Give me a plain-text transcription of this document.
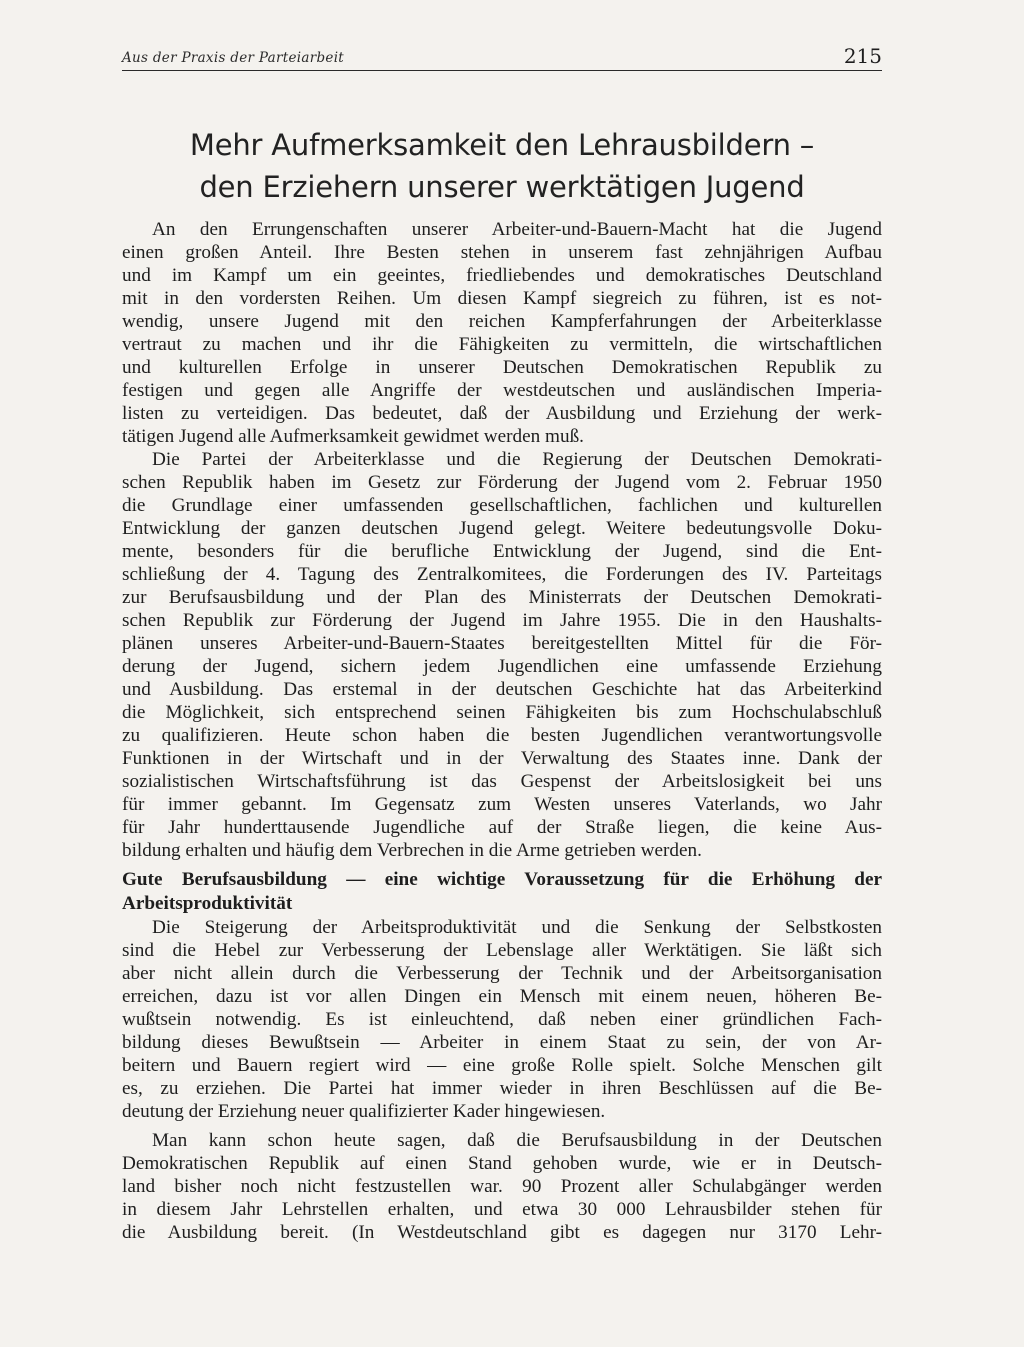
Aus der Praxis der Parteiarbeit	215
Mehr Aufmerksamkeit den Lehrausbildern –
den Erziehern unserer werktätigen Jugend
An den Errungenschaften unserer Arbeiter-und-Bauern-Macht hat die Jugend
einen großen Anteil. Ihre Besten stehen in unserem fast zehnjährigen Aufbau
und im Kampf um ein geeintes, friedliebendes und demokratisches Deutschland
mit in den vordersten Reihen. Um diesen Kampf siegreich zu führen, ist es not-
wendig, unsere Jugend mit den reichen Kampferfahrungen der Arbeiterklasse
vertraut zu machen und ihr die Fähigkeiten zu vermitteln, die wirtschaftlichen
und kulturellen Erfolge in unserer Deutschen Demokratischen Republik zu
festigen und gegen alle Angriffe der westdeutschen und ausländischen Imperia-
listen zu verteidigen. Das bedeutet, daß der Ausbildung und Erziehung der werk-
tätigen Jugend alle Aufmerksamkeit gewidmet werden muß.
Die Partei der Arbeiterklasse und die Regierung der Deutschen Demokrati-
schen Republik haben im Gesetz zur Förderung der Jugend vom 2. Februar 1950
die Grundlage einer umfassenden gesellschaftlichen, fachlichen und kulturellen
Entwicklung der ganzen deutschen Jugend gelegt. Weitere bedeutungsvolle Doku-
mente, besonders für die berufliche Entwicklung der Jugend, sind die Ent-
schließung der 4. Tagung des Zentralkomitees, die Forderungen des IV. Parteitags
zur Berufsausbildung und der Plan des Ministerrats der Deutschen Demokrati-
schen Republik zur Förderung der Jugend im Jahre 1955. Die in den Haushalts-
plänen unseres Arbeiter-und-Bauern-Staates bereitgestellten Mittel für die För-
derung der Jugend, sichern jedem Jugendlichen eine umfassende Erziehung
und Ausbildung. Das erstemal in der deutschen Geschichte hat das Arbeiterkind
die Möglichkeit, sich entsprechend seinen Fähigkeiten bis zum Hochschulabschluß
zu qualifizieren. Heute schon haben die besten Jugendlichen verantwortungsvolle
Funktionen in der Wirtschaft und in der Verwaltung des Staates inne. Dank der
sozialistischen Wirtschaftsführung ist das Gespenst der Arbeitslosigkeit bei uns
für immer gebannt. Im Gegensatz zum Westen unseres Vaterlands, wo Jahr
für Jahr hunderttausende Jugendliche auf der Straße liegen, die keine Aus-
bildung erhalten und häufig dem Verbrechen in die Arme getrieben werden.
Gute Berufsausbildung — eine wichtige Voraussetzung für die Erhöhung der
Arbeitsproduktivität
Die Steigerung der Arbeitsproduktivität und die Senkung der Selbstkosten
sind die Hebel zur Verbesserung der Lebenslage aller Werktätigen. Sie läßt sich
aber nicht allein durch die Verbesserung der Technik und der Arbeitsorganisation
erreichen, dazu ist vor allen Dingen ein Mensch mit einem neuen, höheren Be-
wußtsein notwendig. Es ist einleuchtend, daß neben einer gründlichen Fach-
bildung dieses Bewußtsein — Arbeiter in einem Staat zu sein, der von Ar-
beitern und Bauern regiert wird — eine große Rolle spielt. Solche Menschen gilt
es, zu erziehen. Die Partei hat immer wieder in ihren Beschlüssen auf die Be-
deutung der Erziehung neuer qualifizierter Kader hingewiesen.
Man kann schon heute sagen, daß die Berufsausbildung in der Deutschen
Demokratischen Republik auf einen Stand gehoben wurde, wie er in Deutsch-
land bisher noch nicht festzustellen war. 90 Prozent aller Schulabgänger werden
in diesem Jahr Lehrstellen erhalten, und etwa 30 000 Lehrausbilder stehen für
die Ausbildung bereit. (In Westdeutschland gibt es dagegen nur 3170 Lehr-
